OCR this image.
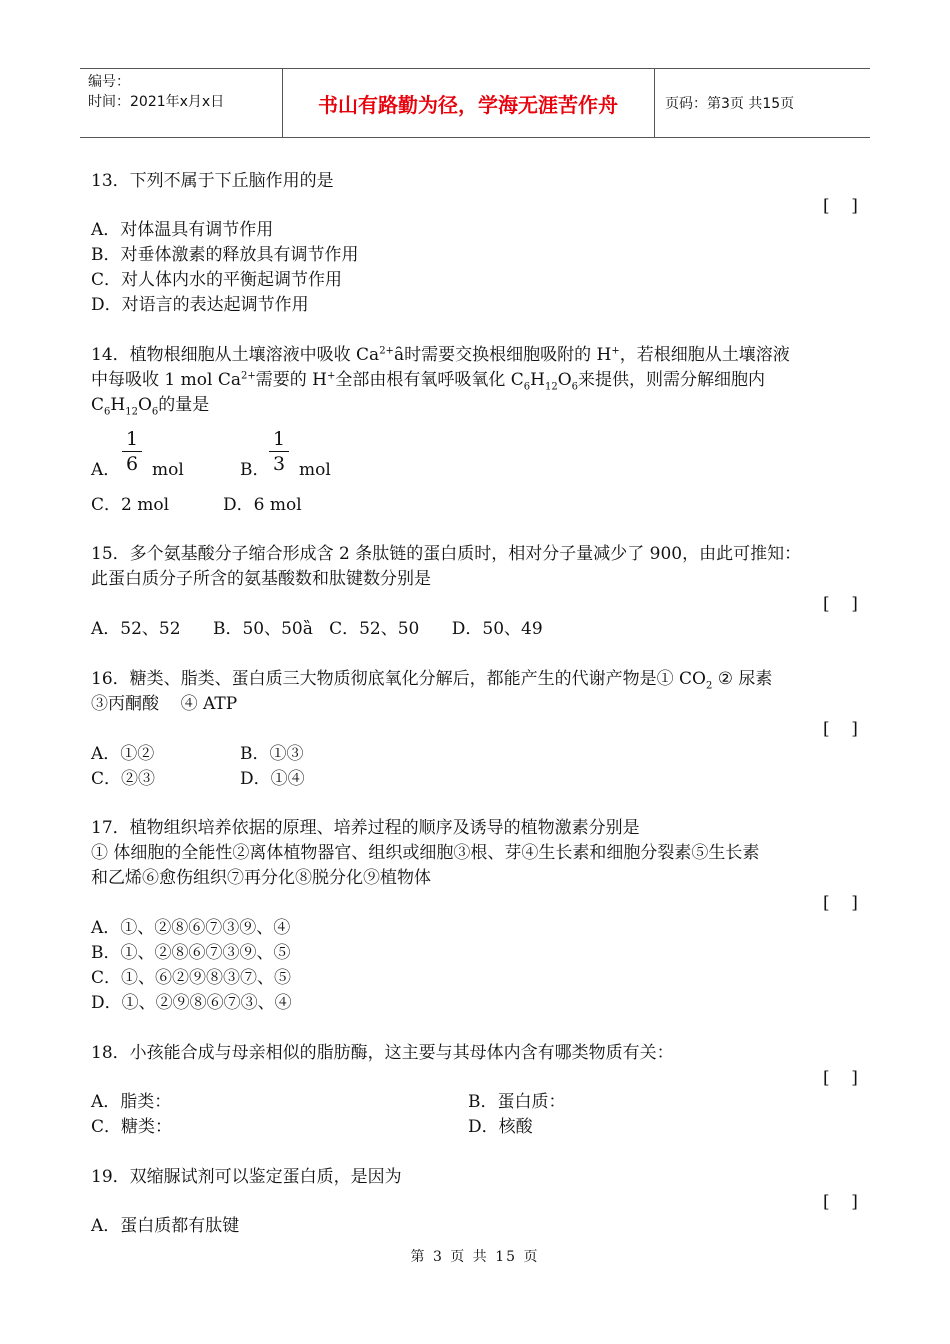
编号：
时间：2021年x月x日	书山有路勤为径，学海无涯苦作舟	页码：第3页 共15页
13．下列不属于下丘脑作用的是
[    ]
A．对体温具有调节作用
B．对垂体激素的释放具有调节作用
C．对人体内水的平衡起调节作用
D．对语言的表达起调节作用
14．植物根细胞从土壤溶液中吸收 $Ca^{2+}ȃ$时需要交换根细胞吸附的 H+，若根细胞从土壤溶液
中每吸收 1 mol $Ca^{2+}$需要的 H+全部由根有氧呼吸氧化 $C_6H_{12}O_6$来提供，则需分解细胞内
$C_6H_{12}O_6$的量是
A．
1
6 mol	B．
1
3 mol
C．2 mol          D．6 mol
15．多个氨基酸分子缩合形成含 2 条肽链的蛋白质时，相对分子量减少了 900，由此可推知：
此蛋白质分子所含的氨基酸数和肽键数分别是
[    ]
A．52、52      B．50、50ȁ   C．52、50      D．50、49
16．糖类、脂类、蛋白质三大物质彻底氧化分解后，都能产生的代谢产物是① $CO_2$ ② 尿素
③丙酮酸    ④ ATP
[    ]
A．①②	B．①③
C．②③	D．①④
17．植物组织培养依据的原理、培养过程的顺序及诱导的植物激素分别是
① 体细胞的全能性②离体植物器官、组织或细胞③根、芽④生长素和细胞分裂素⑤生长素
和乙烯⑥愈伤组织⑦再分化⑧脱分化⑨植物体
[    ]
A．①、②⑧⑥⑦③⑨、④
B．①、②⑧⑥⑦③⑨、⑤
C．①、⑥②⑨⑧③⑦、⑤
D．①、②⑨⑧⑥⑦③、④
18．小孩能合成与母亲相似的脂肪酶，这主要与其母体内含有哪类物质有关：
[    ]
A．脂类：	B．蛋白质：
C．糖类：	D．核酸
19．双缩脲试剂可以鉴定蛋白质，是因为
[    ]
A．蛋白质都有肽键
第 3 页 共 15 页
